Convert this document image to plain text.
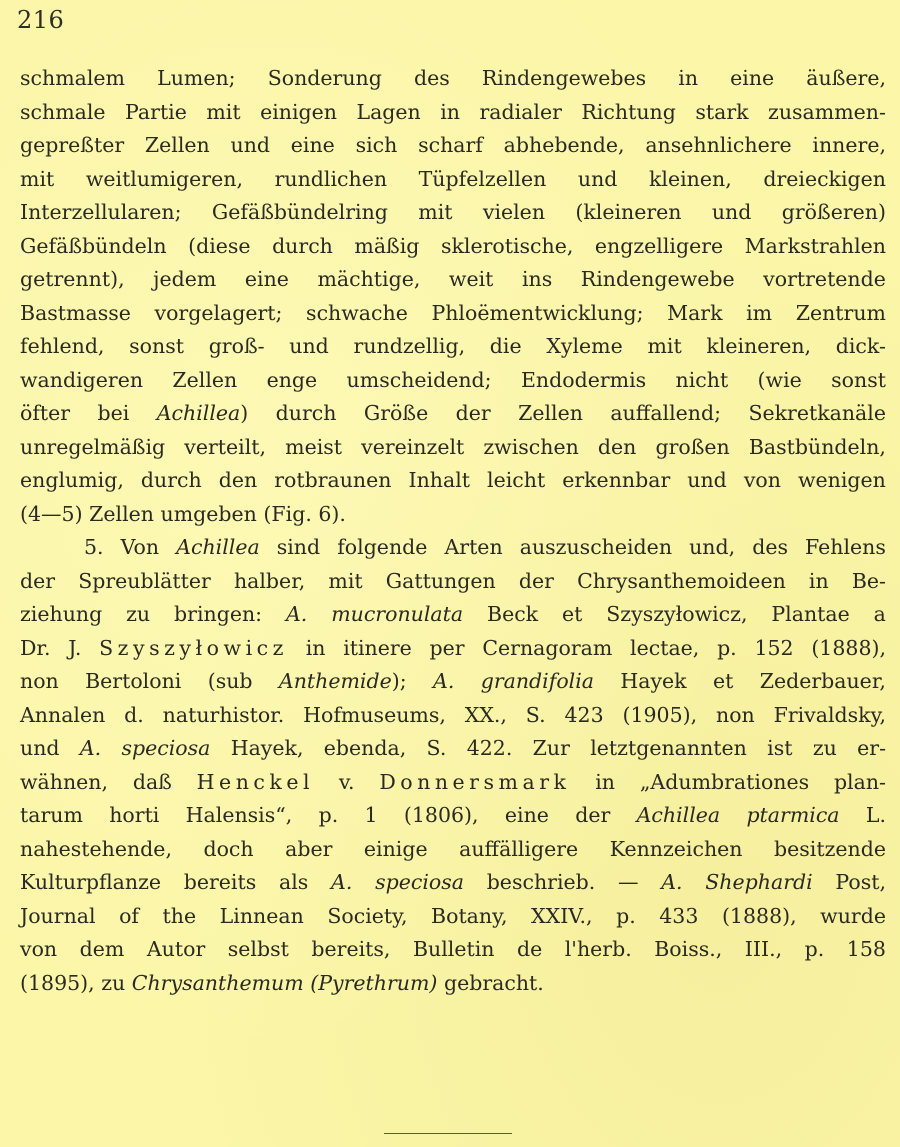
216
schmalem Lumen; Sonderung des Rindengewebes in eine äußere,
schmale Partie mit einigen Lagen in radialer Richtung stark zusammen-
gepreßter Zellen und eine sich scharf abhebende, ansehnlichere innere,
mit weitlumigeren, rundlichen Tüpfelzellen und kleinen, dreieckigen
Interzellularen; Gefäßbündelring mit vielen (kleineren und größeren)
Gefäßbündeln (diese durch mäßig sklerotische, engzelligere Markstrahlen
getrennt), jedem eine mächtige, weit ins Rindengewebe vortretende
Bastmasse vorgelagert; schwache Phloëmentwicklung; Mark im Zentrum
fehlend, sonst groß- und rundzellig, die Xyleme mit kleineren, dick-
wandigeren Zellen enge umscheidend; Endodermis nicht (wie sonst
öfter bei Achillea) durch Größe der Zellen auffallend; Sekretkanäle
unregelmäßig verteilt, meist vereinzelt zwischen den großen Bastbündeln,
englumig, durch den rotbraunen Inhalt leicht erkennbar und von wenigen
(4—5) Zellen umgeben (Fig. 6).
5. Von Achillea sind folgende Arten auszuscheiden und, des Fehlens
der Spreublätter halber, mit Gattungen der Chrysanthemoideen in Be-
ziehung zu bringen: A. mucronulata Beck et Szyszyłowicz, Plantae a
Dr. J. Szyszyłowicz in itinere per Cernagoram lectae, p. 152 (1888),
non Bertoloni (sub Anthemide); A. grandifolia Hayek et Zederbauer,
Annalen d. naturhistor. Hofmuseums, XX., S. 423 (1905), non Frivaldsky,
und A. speciosa Hayek, ebenda, S. 422. Zur letztgenannten ist zu er-
wähnen, daß Henckel v. Donnersmark in „Adumbrationes plan-
tarum horti Halensis“, p. 1 (1806), eine der Achillea ptarmica L.
nahestehende, doch aber einige auffälligere Kennzeichen besitzende
Kulturpflanze bereits als A. speciosa beschrieb. — A. Shephardi Post,
Journal of the Linnean Society, Botany, XXIV., p. 433 (1888), wurde
von dem Autor selbst bereits, Bulletin de l'herb. Boiss., III., p. 158
(1895), zu Chrysanthemum (Pyrethrum) gebracht.
